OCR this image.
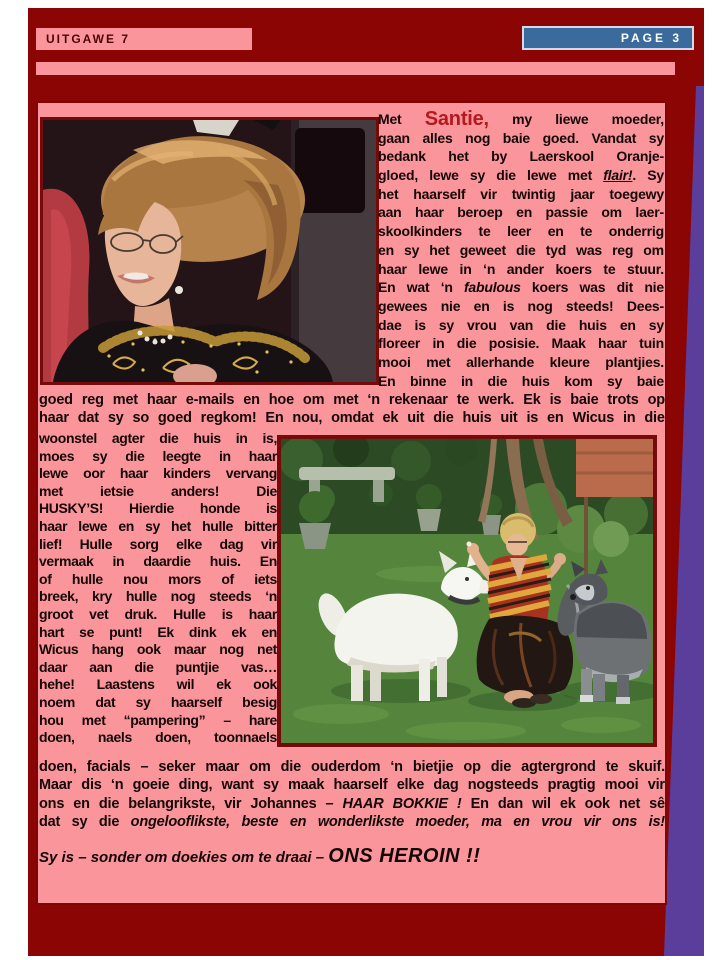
UITGAWE 7	PAGE 3
Met Santie, my liewe moeder,
gaan alles nog baie goed. Vandat sy
bedank het by Laerskool Oranje-
gloed, lewe sy die lewe met flair!. Sy
het haarself vir twintig jaar toegewy
aan haar beroep en passie om laer-
skoolkinders te leer en te onderrig
en sy het geweet die tyd was reg om
haar lewe in ‘n ander koers te stuur.
En wat ‘n fabulous koers was dit nie
gewees nie en is nog steeds! Dees-
dae is sy vrou van die huis en sy
floreer in die posisie. Maak haar tuin
mooi met allerhande kleure plantjies.
En binne in die huis kom sy baie
goed reg met haar e-mails en hoe om met ‘n rekenaar te werk. Ek is baie trots op
haar dat sy so goed regkom! En nou, omdat ek uit die huis uit is en Wicus in die
woonstel agter die huis in is,
moes sy die leegte in haar
lewe oor haar kinders vervang
met	ietsie	anders!	Die
HUSKY’S! Hierdie honde is
haar lewe en sy het hulle bitter
lief! Hulle sorg elke dag vir
vermaak in daardie huis. En
of hulle nou mors of iets
breek, kry hulle nog steeds ‘n
groot vet druk. Hulle is haar
hart se punt! Ek dink ek en
Wicus hang ook maar nog net
daar aan die puntjie vas…
hehe! Laastens wil ek ook
noem dat sy haarself besig
hou met “pampering” – hare
doen, naels doen, toonnaels
doen, facials – seker maar om die ouderdom ‘n bietjie op die agtergrond te skuif.
Maar dis ‘n goeie ding, want sy maak haarself elke dag nogsteeds pragtig mooi vir
ons en die belangrikste, vir Johannes – HAAR BOKKIE ! En dan wil ek ook net sê
dat sy die ongelooflikste, beste en wonderlikste moeder, ma en vrou vir ons is!
Sy is – sonder om doekies om te draai – ONS HEROIN !!
